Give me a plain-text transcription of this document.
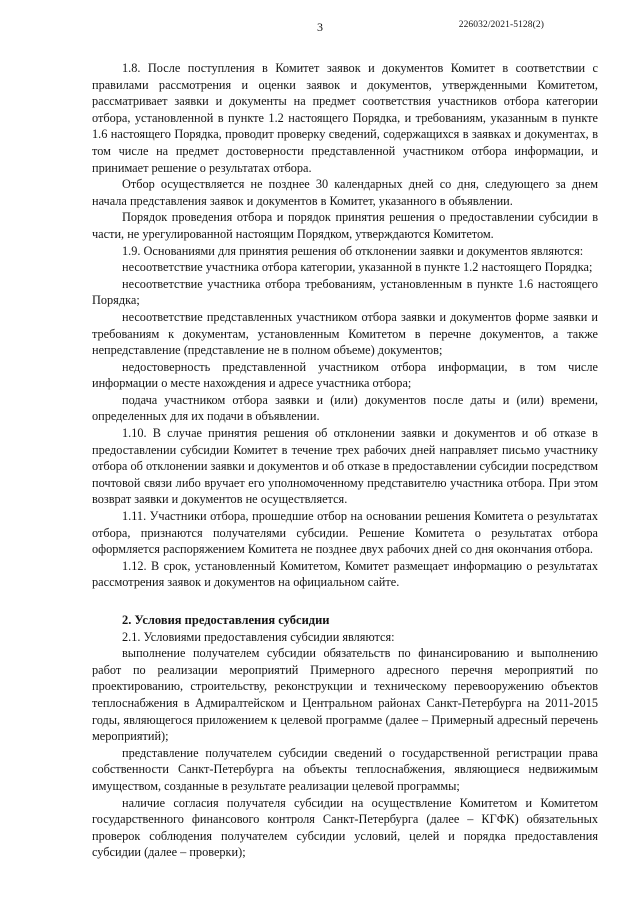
3	226032/2021-5128(2)

1.8. После поступления в Комитет заявок и документов Комитет в соответствии с правилами рассмотрения и оценки заявок и документов, утвержденными Комитетом, рассматривает заявки и документы на предмет соответствия участников отбора категории отбора, установленной в пункте 1.2 настоящего Порядка, и требованиям, указанным в пункте 1.6 настоящего Порядка, проводит проверку сведений, содержащихся в заявках и документах, в том числе на предмет достоверности представленной участником отбора информации, и принимает решение о результатах отбора.

Отбор осуществляется не позднее 30 календарных дней со дня, следующего за днем начала представления заявок и документов в Комитет, указанного в объявлении.

Порядок проведения отбора и порядок принятия решения о предоставлении субсидии в части, не урегулированной настоящим Порядком, утверждаются Комитетом.

1.9. Основаниями для принятия решения об отклонении заявки и документов являются:

несоответствие участника отбора категории, указанной в пункте 1.2 настоящего Порядка;

несоответствие участника отбора требованиям, установленным в пункте 1.6 настоящего Порядка;

несоответствие представленных участником отбора заявки и документов форме заявки и требованиям к документам, установленным Комитетом в перечне документов, а также непредставление (представление не в полном объеме) документов;

недостоверность представленной участником отбора информации, в том числе информации о месте нахождения и адресе участника отбора;

подача участником отбора заявки и (или) документов после даты и (или) времени, определенных для их подачи в объявлении.

1.10. В случае принятия решения об отклонении заявки и документов и об отказе в предоставлении субсидии Комитет в течение трех рабочих дней направляет письмо участнику отбора об отклонении заявки и документов и об отказе в предоставлении субсидии посредством почтовой связи либо вручает его уполномоченному представителю участника отбора. При этом возврат заявки и документов не осуществляется.

1.11. Участники отбора, прошедшие отбор на основании решения Комитета о результатах отбора, признаются получателями субсидии. Решение Комитета о результатах отбора оформляется распоряжением Комитета не позднее двух рабочих дней со дня окончания отбора.

1.12. В срок, установленный Комитетом, Комитет размещает информацию о результатах рассмотрения заявок и документов на официальном сайте.

2. Условия предоставления субсидии

2.1. Условиями предоставления субсидии являются:

выполнение получателем субсидии обязательств по финансированию и выполнению работ по реализации мероприятий Примерного адресного перечня мероприятий по проектированию, строительству, реконструкции и техническому перевооружению объектов теплоснабжения в Адмиралтейском и Центральном районах Санкт-Петербурга на 2011-2015 годы, являющегося приложением к целевой программе (далее – Примерный адресный перечень мероприятий);

представление получателем субсидии сведений о государственной регистрации права собственности Санкт-Петербурга на объекты теплоснабжения, являющиеся недвижимым имуществом, созданные в результате реализации целевой программы;

наличие согласия получателя субсидии на осуществление Комитетом и Комитетом государственного финансового контроля Санкт-Петербурга (далее – КГФК) обязательных проверок соблюдения получателем субсидии условий, целей и порядка предоставления субсидии (далее – проверки);
